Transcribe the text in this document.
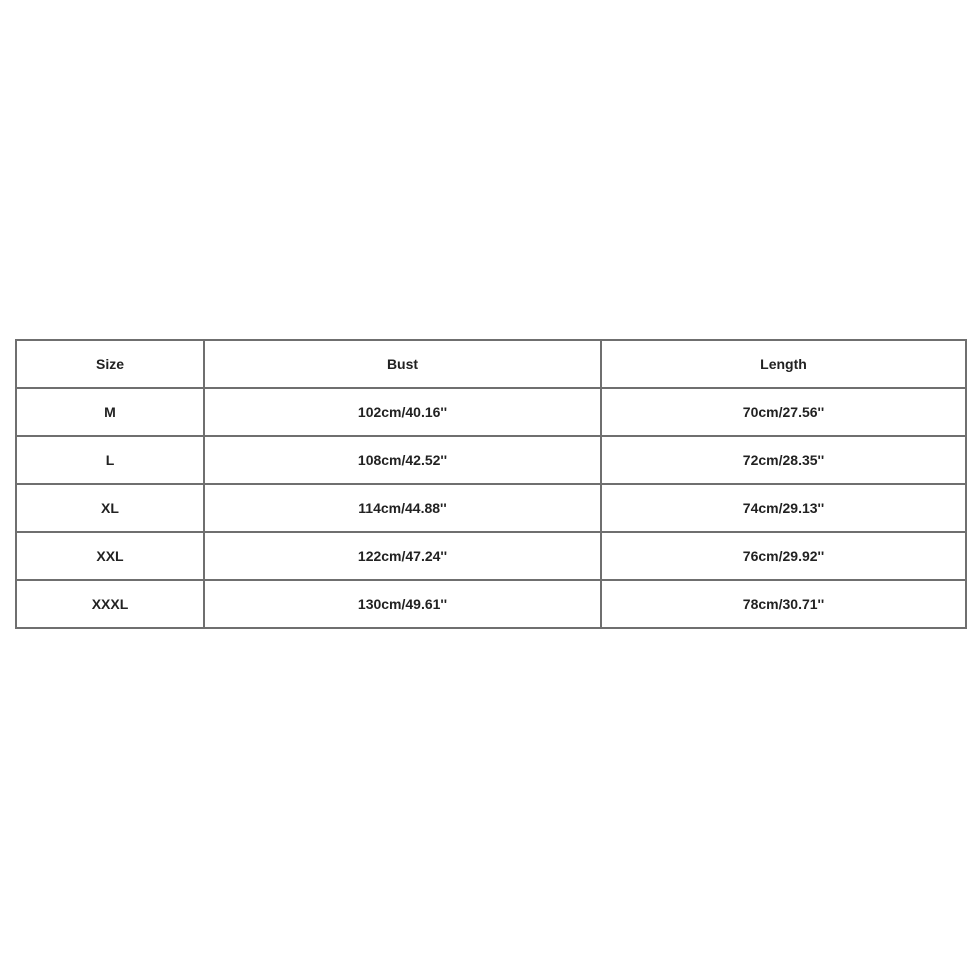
Size	Bust	Length
M	102cm/40.16''	70cm/27.56''
L	108cm/42.52''	72cm/28.35''
XL	114cm/44.88''	74cm/29.13''
XXL	122cm/47.24''	76cm/29.92''
XXXL	130cm/49.61''	78cm/30.71''
